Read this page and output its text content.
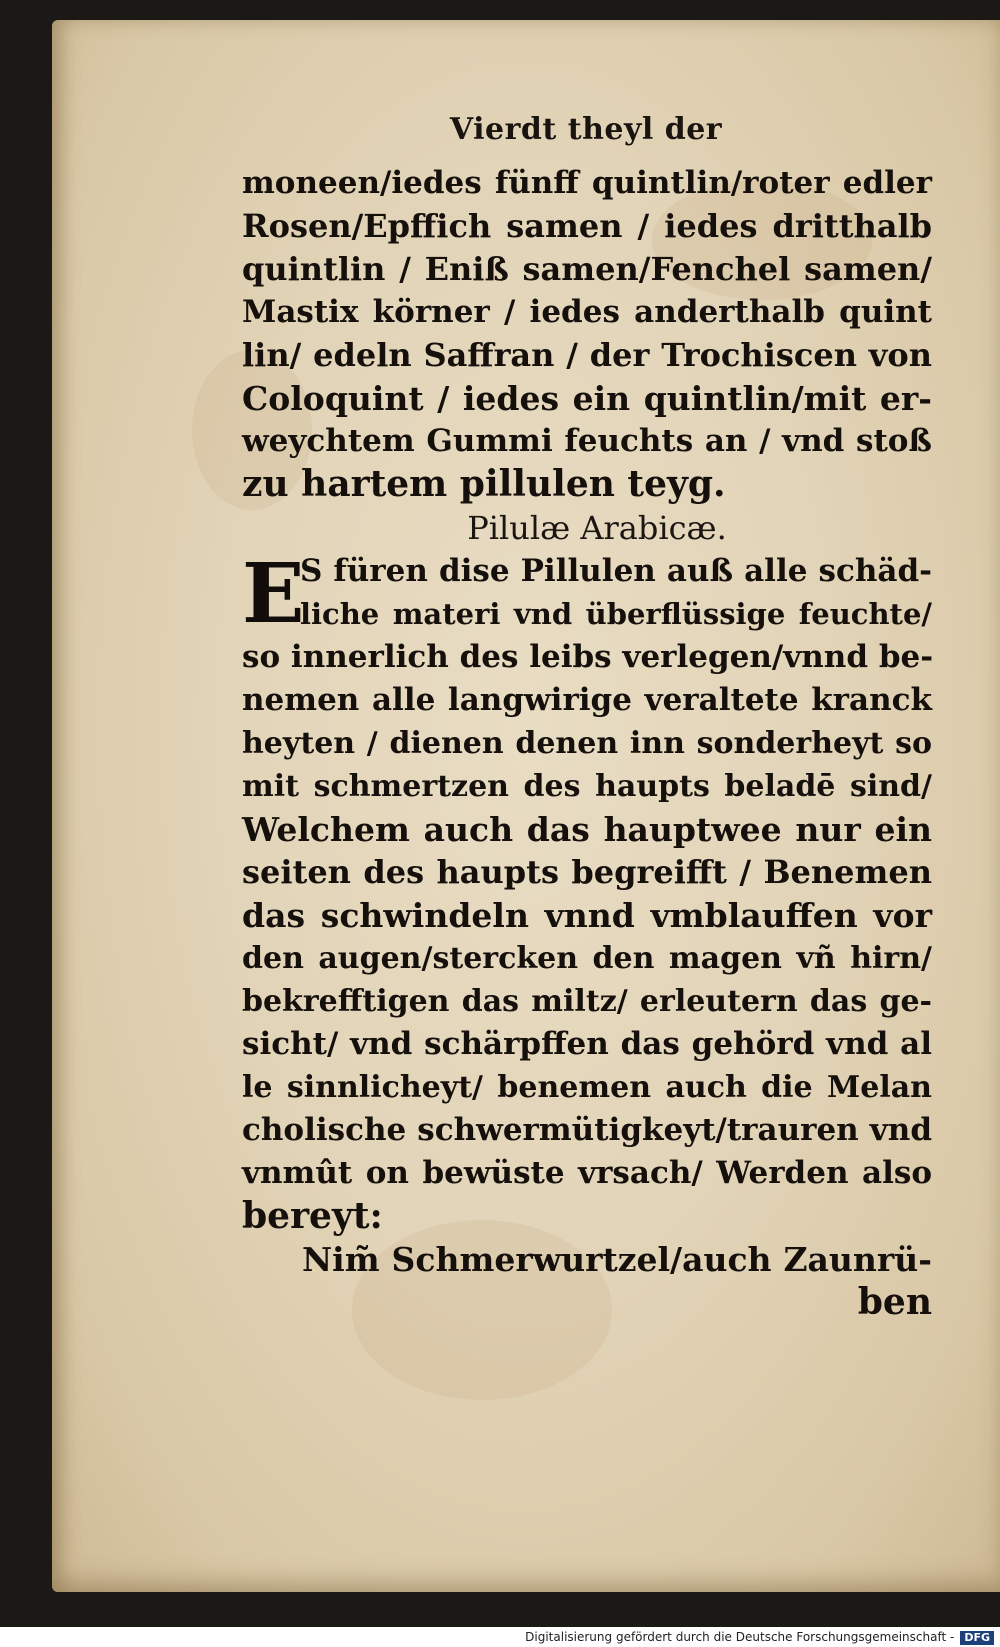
Vierdt theyl der
moneen/iedes fünff quintlin/roter edler
Rosen/Epffich samen / iedes dritthalb
quintlin / Eniß samen/Fenchel samen/
Mastix körner / iedes anderthalb quint
lin/ edeln Saffran / der Trochiscen von
Coloquint / iedes ein quintlin/mit er-
weychtem Gummi feuchts an / vnd stoß
zu hartem pillulen teyg.
Pilulæ Arabicæ.
E
S füren dise Pillulen auß alle schäd-
liche materi vnd überflüssige feuchte/
so innerlich des leibs verlegen/vnnd be-
nemen alle langwirige veraltete kranck
heyten / dienen denen inn sonderheyt so
mit schmertzen des haupts beladē sind/
Welchem auch das hauptwee nur ein
seiten des haupts begreifft / Benemen
das schwindeln vnnd vmblauffen vor
den augen/stercken den magen vñ hirn/
bekrefftigen das miltz/ erleutern das ge-
sicht/ vnd schärpffen das gehörd vnd al
le sinnlicheyt/ benemen auch die Melan
cholische schwermütigkeyt/trauren vnd
vnmût on bewüste vrsach/ Werden also
bereyt:
Nim̃ Schmerwurtzel/auch Zaunrü-
ben
Digitalisierung gefördert durch die Deutsche Forschungsgemeinschaft - DFG
